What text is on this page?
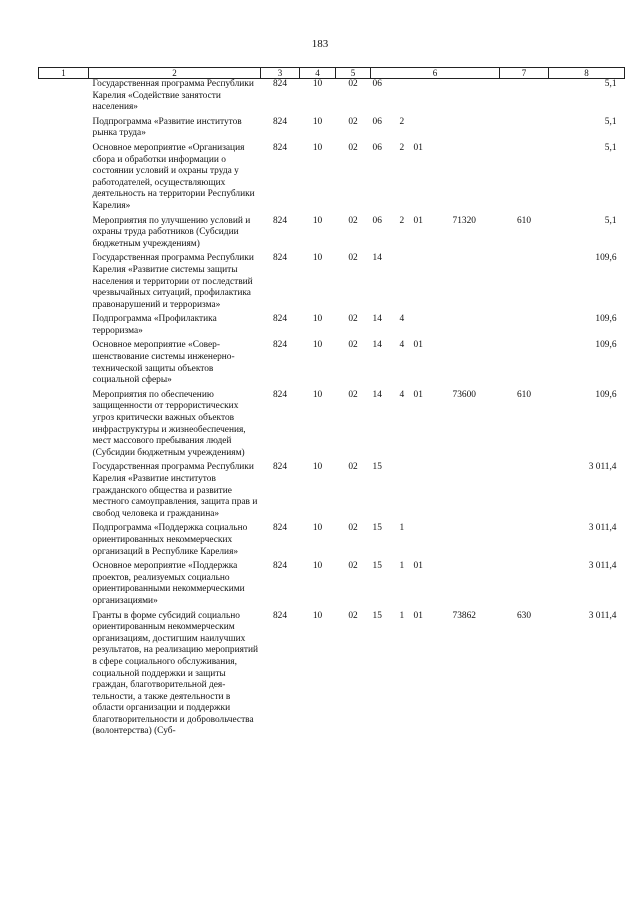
183
1	2	3	4	5	6				7	8
	Государственная программа Республики Карелия «Содействие занятости населения»	824	10	02	06					5,1

	Подпрограмма «Развитие институтов рынка труда»	824	10	02	06	2				5,1

	Основное мероприятие «Организация сбора и обработки информации о состоянии условий и охраны труда у работодателей, осуществляющих деятельность на территории Республики Карелия»	824	10	02	06	2	01			5,1

	Мероприятия по улучшению условий и охраны труда работников (Субсидии бюджетным учреждениям)	824	10	02	06	2	01	71320	610	5,1

	Государственная программа Республики Карелия «Развитие системы защиты населения и территории от последствий чрезвычайных ситуаций, профилактика правонарушений и терроризма»	824	10	02	14					109,6

	Подпрограмма «Профилактика терроризма»	824	10	02	14	4				109,6

	Основное мероприятие «Совершенствование системы инженерно-технической защиты объектов социальной сферы»	824	10	02	14	4	01			109,6

	Мероприятия по обеспечению защищенности от террористических угроз критически важных объектов инфраструктуры и жизнеобеспечения, мест массового пребывания людей (Субсидии бюджетным учреждениям)	824	10	02	14	4	01	73600	610	109,6

	Государственная программа Республики Карелия «Развитие институтов гражданского общества и развитие местного самоуправления, защита прав и свобод человека и гражданина»	824	10	02	15					3 011,4

	Подпрограмма «Поддержка социально ориентированных некоммерческих организаций в Республике Карелия»	824	10	02	15	1				3 011,4

	Основное мероприятие «Поддержка проектов, реализуемых социально ориентированными некоммерческими организациями»	824	10	02	15	1	01			3 011,4

	Гранты в форме субсидий социально ориентированным некоммерческим организациям, достигшим наилучших результатов, на реализацию мероприятий в сфере социального обслуживания, социальной поддержки и защиты граждан, благотворительной деятельности, а также деятельности в области организации и поддержки благотворительности и добровольчества (волонтерства) (Суб-	824	10	02	15	1	01	73862	630	3 011,4
